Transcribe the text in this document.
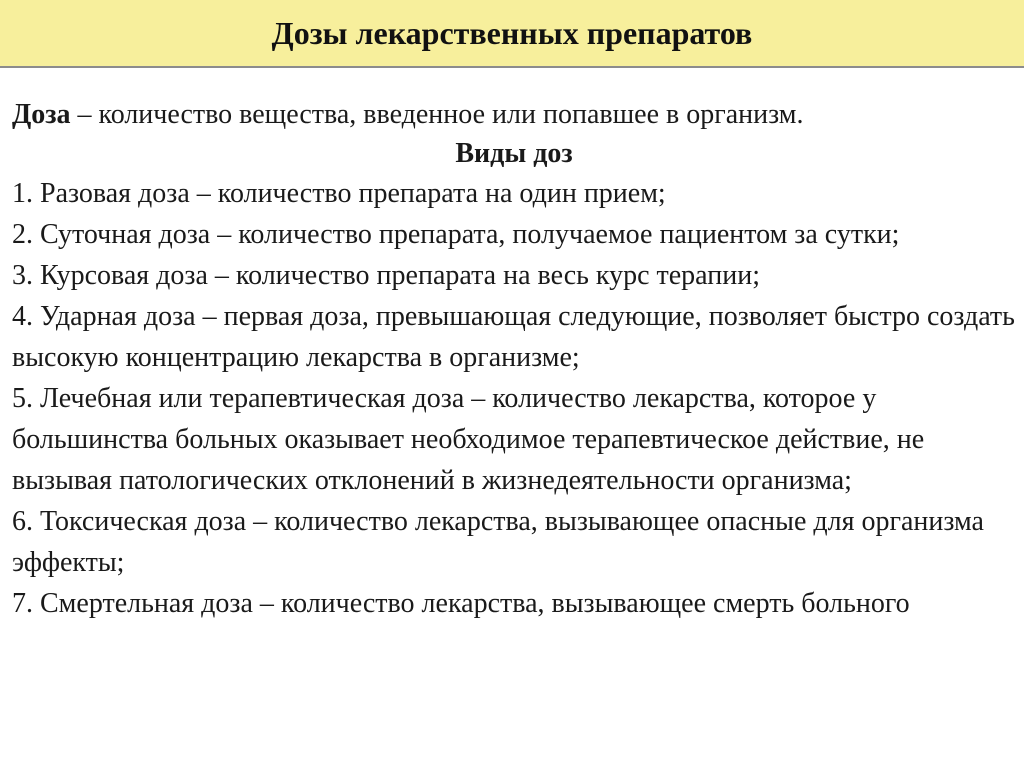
Дозы лекарственных препаратов

Доза – количество вещества, введенное или попавшее в организм.

Виды доз

1. Разовая доза – количество препарата на один прием;

2. Суточная доза – количество препарата, получаемое пациентом за сутки;

3. Курсовая доза – количество препарата на весь курс терапии;

4. Ударная доза – первая доза, превышающая следующие, позволяет быстро создать высокую концентрацию лекарства в организме;

5. Лечебная или терапевтическая доза – количество лекарства, которое у большинства больных оказывает необходимое терапевтическое действие, не вызывая патологических отклонений в жизнедеятельности организма;

6. Токсическая доза – количество лекарства, вызывающее опасные для организма эффекты;

7. Смертельная доза – количество лекарства, вызывающее смерть больного
